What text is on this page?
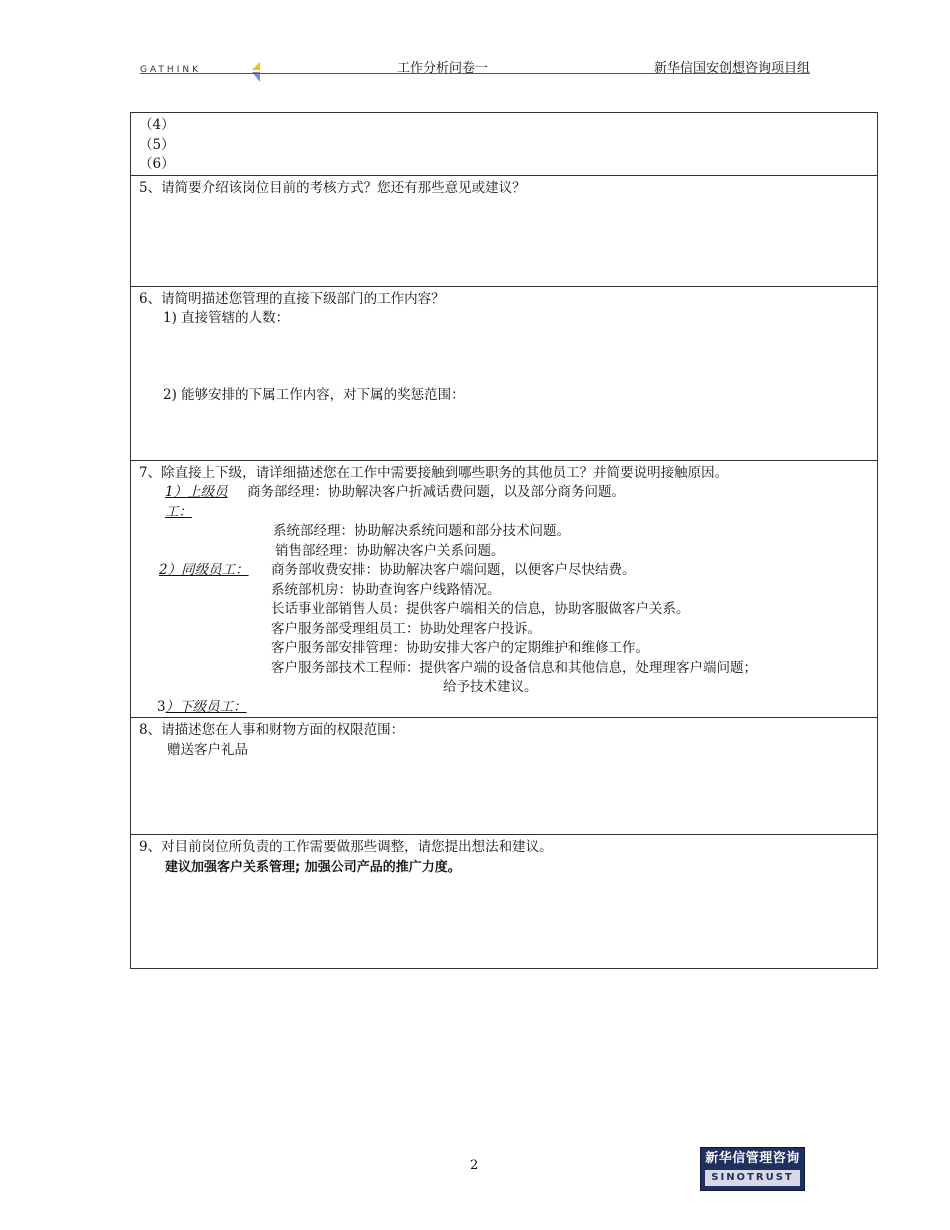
GATHINK	工作分析问卷一	新华信国安创想咨询项目组
（4）
（5）
（6）

5、请简要介绍该岗位目前的考核方式？您还有那些意见或建议？

6、请简明描述您管理的直接下级部门的工作内容？
1) 直接管辖的人数：
2) 能够安排的下属工作内容，对下属的奖惩范围：

7、除直接上下级，请详细描述您在工作中需要接触到哪些职务的其他员工？并简要说明接触原因。
1）上级员工：
商务部经理：协助解决客户折减话费问题，以及部分商务问题。
系统部经理：协助解决系统问题和部分技术问题。
销售部经理：协助解决客户关系问题。
2）同级员工：	商务部收费安排：协助解决客户端问题，以便客户尽快结费。
系统部机房：协助查询客户线路情况。
长话事业部销售人员：提供客户端相关的信息，协助客服做客户关系。
客户服务部受理组员工：协助处理客户投诉。
客户服务部安排管理：协助安排大客户的定期维护和维修工作。
客户服务部技术工程师：提供客户端的设备信息和其他信息，处理理客户端问题；
给予技术建议。
3）下级员工：

8、请描述您在人事和财物方面的权限范围：
赠送客户礼品

9、对目前岗位所负责的工作需要做那些调整，请您提出想法和建议。
建议加强客户关系管理; 加强公司产品的推广力度。
2	新华信管理咨询
SINOTRUST
